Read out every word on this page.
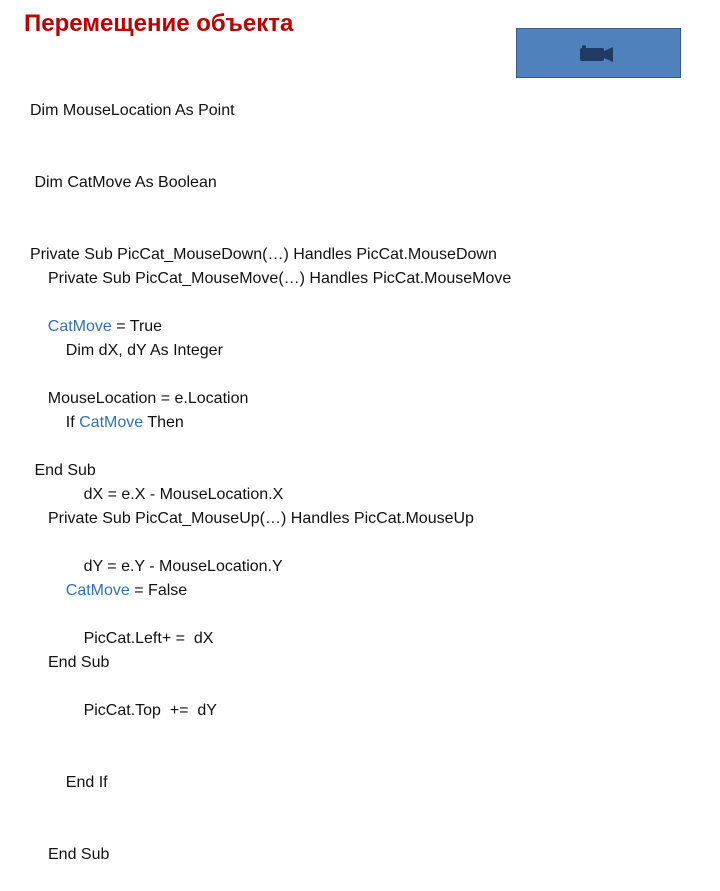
Перемещение объекта

Dim MouseLocation As Point

Dim CatMove As Boolean

Private Sub PicCat_MouseDown(…) Handles PicCat.MouseDown

CatMove = True

MouseLocation = e.Location

End Sub

Private Sub PicCat_MouseMove(…) Handles PicCat.MouseMove

Dim dX, dY As Integer

If CatMove Then

dX = e.X - MouseLocation.X

dY = e.Y - MouseLocation.Y

PicCat.Left+ =  dX

PicCat.Top  +=  dY

End If

End Sub

Private Sub PicCat_MouseUp(…) Handles PicCat.MouseUp

CatMove = False

End Sub
